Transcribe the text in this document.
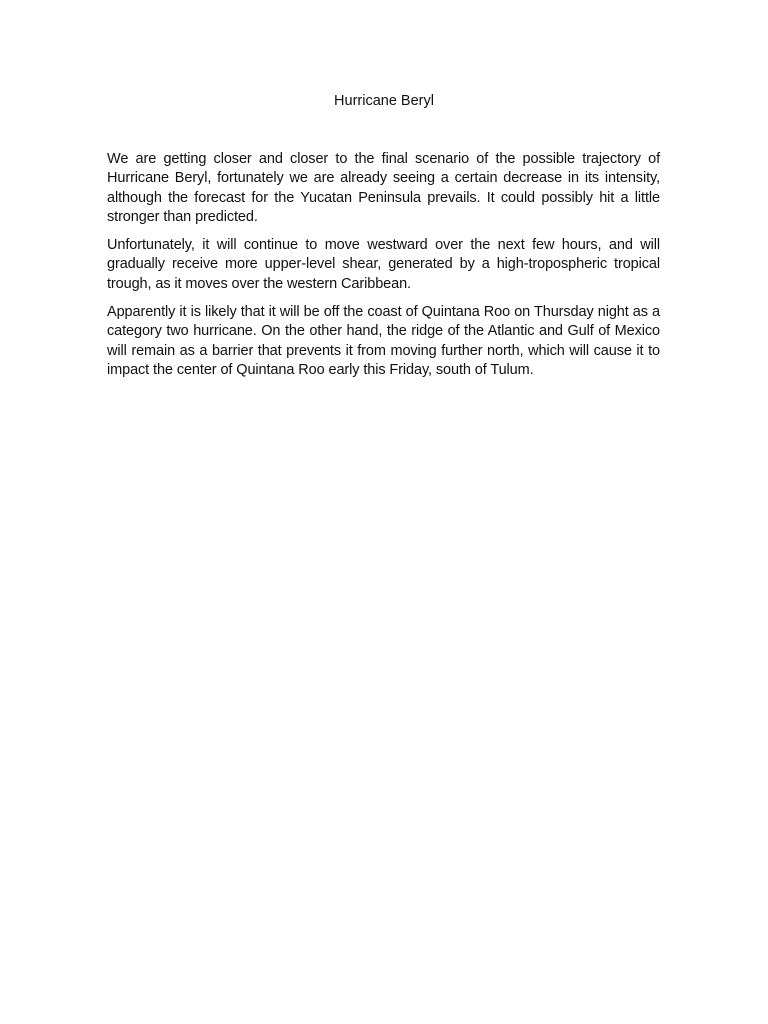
Hurricane Beryl

We are getting closer and closer to the final scenario of the possible trajectory of Hurricane Beryl, fortunately we are already seeing a certain decrease in its intensity, although the forecast for the Yucatan Peninsula prevails. It could possibly hit a little stronger than predicted.

Unfortunately, it will continue to move westward over the next few hours, and will gradually receive more upper-level shear, generated by a high-tropospheric tropical trough, as it moves over the western Caribbean.

Apparently it is likely that it will be off the coast of Quintana Roo on Thursday night as a category two hurricane. On the other hand, the ridge of the Atlantic and Gulf of Mexico will remain as a barrier that prevents it from moving further north, which will cause it to impact the center of Quintana Roo early this Friday, south of Tulum.
